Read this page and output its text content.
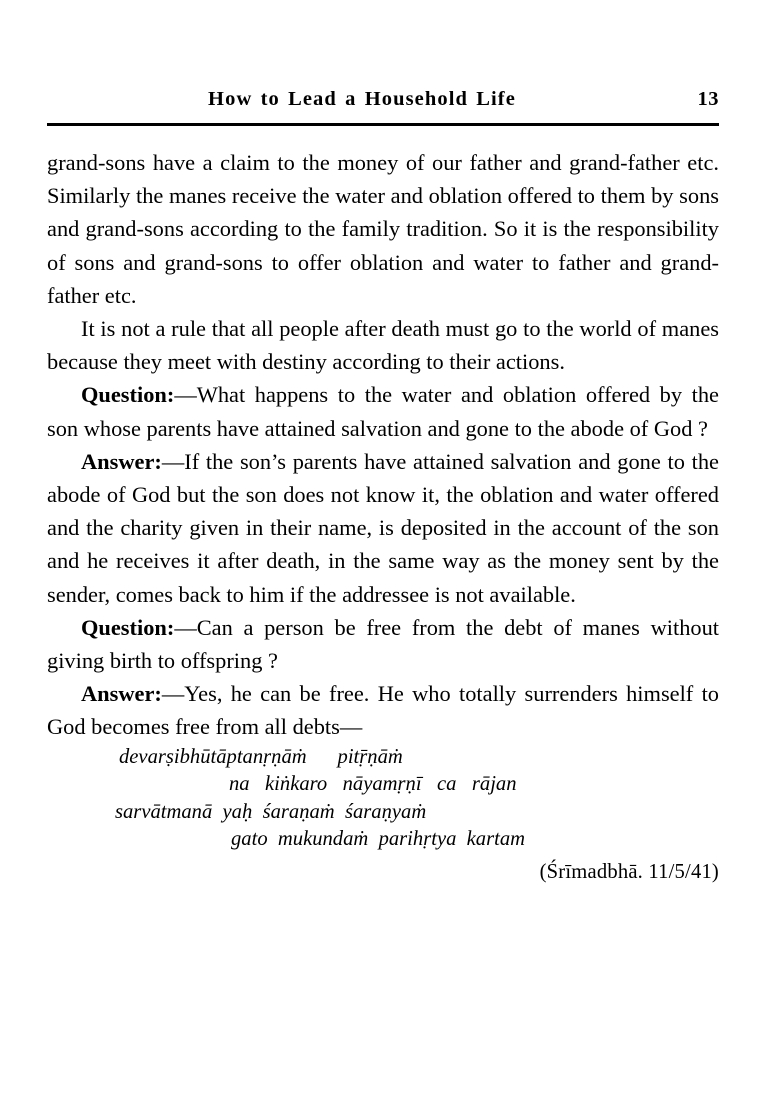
How to Lead a Household Life	13

grand-sons have a claim to the money of our father and grand-father etc. Similarly the manes receive the water and oblation offered to them by sons and grand-sons according to the family tradition. So it is the responsibility of sons and grand-sons to offer oblation and water to father and grand-father etc.

It is not a rule that all people after death must go to the world of manes because they meet with destiny according to their actions.

Question:—What happens to the water and oblation offered by the son whose parents have attained salvation and gone to the abode of God ?

Answer:—If the son’s parents have attained salvation and gone to the abode of God but the son does not know it, the oblation and water offered and the charity given in their name, is deposited in the account of the son and he receives it after death, in the same way as the money sent by the sender, comes back to him if the addressee is not available.

Question:—Can a person be free from the debt of manes without giving birth to offspring ?

Answer:—Yes, he can be free. He who totally surrenders himself to God becomes free from all debts—

devarṣibhūtāptanṛṇāṁ      pitṝṇāṁ
na   kiṅkaro   nāyamṛṇī   ca   rājan
sarvātmanā  yaḥ  śaraṇaṁ  śaraṇyaṁ
gato  mukundaṁ  parihṛtya  kartam

(Śrīmadbhā. 11/5/41)
